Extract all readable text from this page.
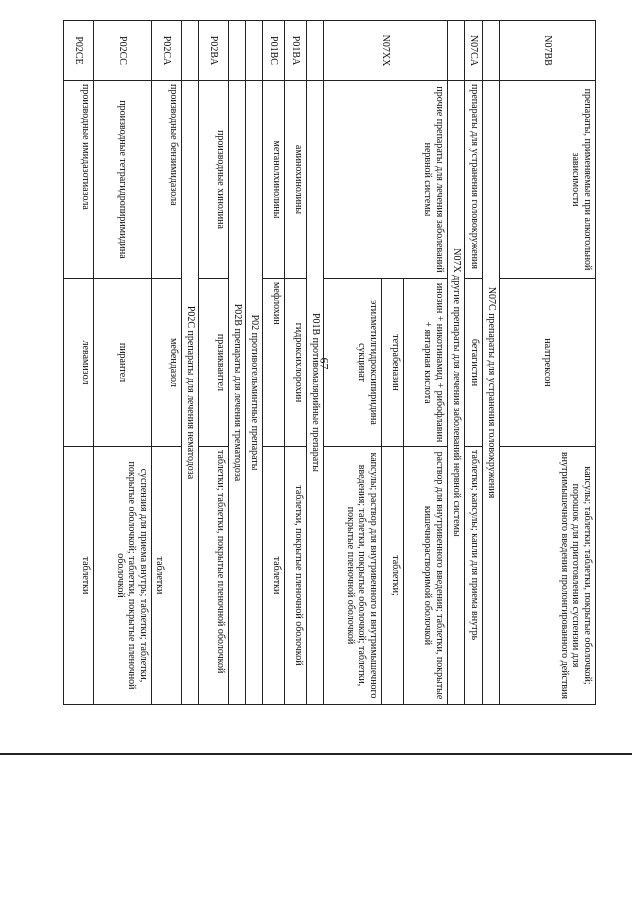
67
N07BB	препараты, применяемые при алкогольной зависимости	налтрексон	капсулы; таблетки; таблетки, покрытые оболочкой; порошок для приготовления суспензии для внутримышечного введения пролонгированного действия
	N07C препараты для устранения головокружения		
N07CA	препараты для устранения головокружения	бетагистин	таблетки; капсулы; капли для приема внутрь
	N07X другие препараты для лечения заболеваний нервной системы		
N07XX	прочие препараты для лечения заболеваний нервной системы	инозин + никотинамид + рибофлавин + янтарная кислота	раствор для внутривенного введения; таблетки, покрытые кишечнорастворимой оболочкой
		тетрабеназин	таблетки;
		этилметилгидроксипиридина сукцинат	капсулы; раствор для внутривенного и внутримышечного введения; таблетки, покрытые оболочкой; таблетки, покрытые пленочной оболочкой
	P01B противомалярийные препараты		
P01BA	аминохинолины	гидроксихлорохин	таблетки, покрытые пленочной оболочкой
P01BC	метанолхинолины	мефлохин	таблетки
	P02 противогельминтные препараты		
	P02B препараты для лечения трематодоза		
P02BA	производные хинолина	празиквантел	таблетки; таблетки, покрытые пленочной оболочкой
	P02C препараты для лечения нематодоза		
P02CA	производные бензимидазола	мебендазол	таблетки
P02CC	производные тетрагидропиримидина	пирантел	суспензия для приема внутрь; таблетки; таблетки, покрытые оболочкой; таблетки, покрытые пленочной оболочкой
P02CE	производные имидазотиазола	левамизол	таблетки
